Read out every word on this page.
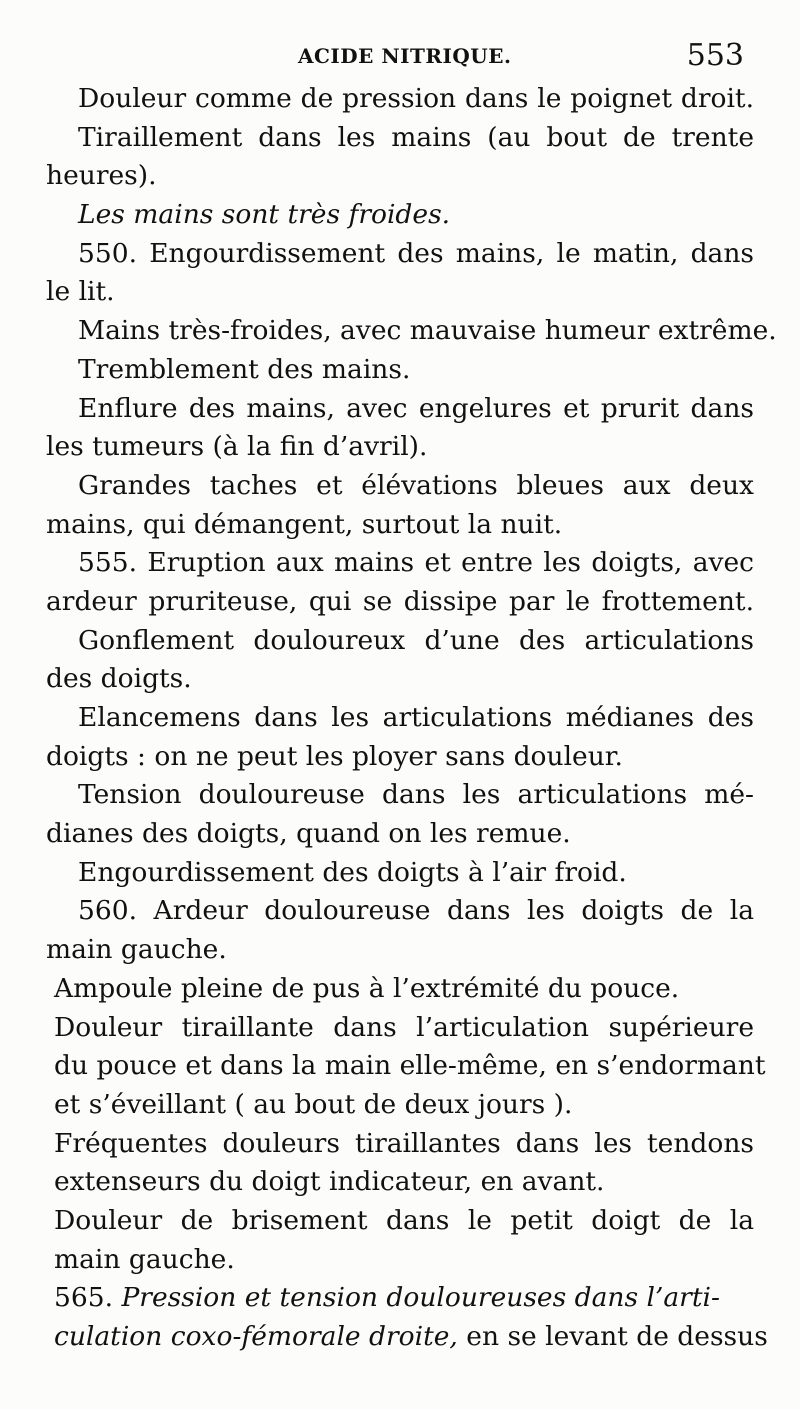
ACIDE NITRIQUE.	553
Douleur comme de pression dans le poignet droit.
Tiraillement dans les mains (au bout de trente
heures).
Les mains sont très froides.
550. Engourdissement des mains, le matin, dans
le lit.
Mains très-froides, avec mauvaise humeur extrême.
Tremblement des mains.
Enflure des mains, avec engelures et prurit dans
les tumeurs (à la fin d’avril).
Grandes taches et élévations bleues aux deux
mains, qui démangent, surtout la nuit.
555. Eruption aux mains et entre les doigts, avec
ardeur pruriteuse, qui se dissipe par le frottement.
Gonflement douloureux d’une des articulations
des doigts.
Elancemens dans les articulations médianes des
doigts : on ne peut les ployer sans douleur.
Tension douloureuse dans les articulations mé-
dianes des doigts, quand on les remue.
Engourdissement des doigts à l’air froid.
560. Ardeur douloureuse dans les doigts de la
main gauche.
Ampoule pleine de pus à l’extrémité du pouce.
Douleur tiraillante dans l’articulation supérieure
du pouce et dans la main elle-même, en s’endormant
et s’éveillant ( au bout de deux jours ).
Fréquentes douleurs tiraillantes dans les tendons
extenseurs du doigt indicateur, en avant.
Douleur de brisement dans le petit doigt de la
main gauche.
565. Pression et tension douloureuses dans l’arti-
culation coxo-fémorale droite, en se levant de dessus
